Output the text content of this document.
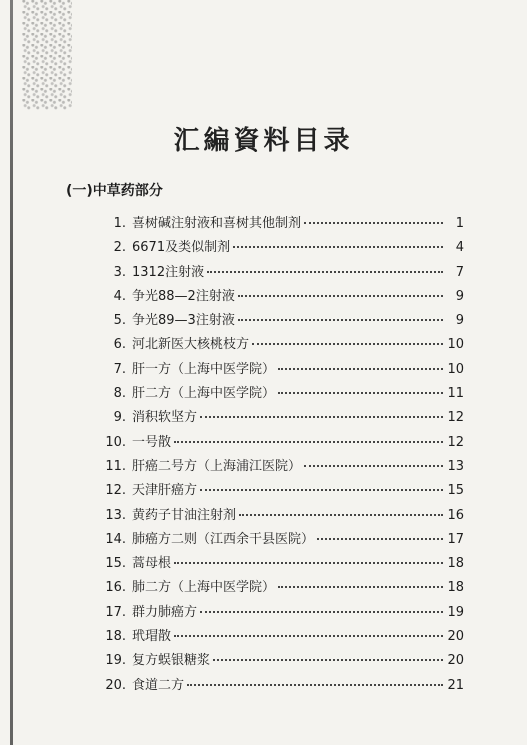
汇編資料目录
(一)中草药部分
1. 喜树碱注射液和喜树其他制剂	1
2. 6671及类似制剂	4
3. 1312注射液	7
4. 争光88—2注射液	9
5. 争光89—3注射液	9
6. 河北新医大核桃枝方	10
7. 肝一方（上海中医学院）	10
8. 肝二方（上海中医学院）	11
9. 消积软坚方	12
10. 一号散	12
11. 肝癌二号方（上海浦江医院）	13
12. 天津肝癌方	15
13. 黄药子甘油注射剂	16
14. 肺癌方二则（江西余干县医院）	17
15. 蒿母根	18
16. 肺二方（上海中医学院）	18
17. 群力肺癌方	19
18. 玳瑁散	20
19. 复方蜈银糖浆	20
20. 食道二方	21
